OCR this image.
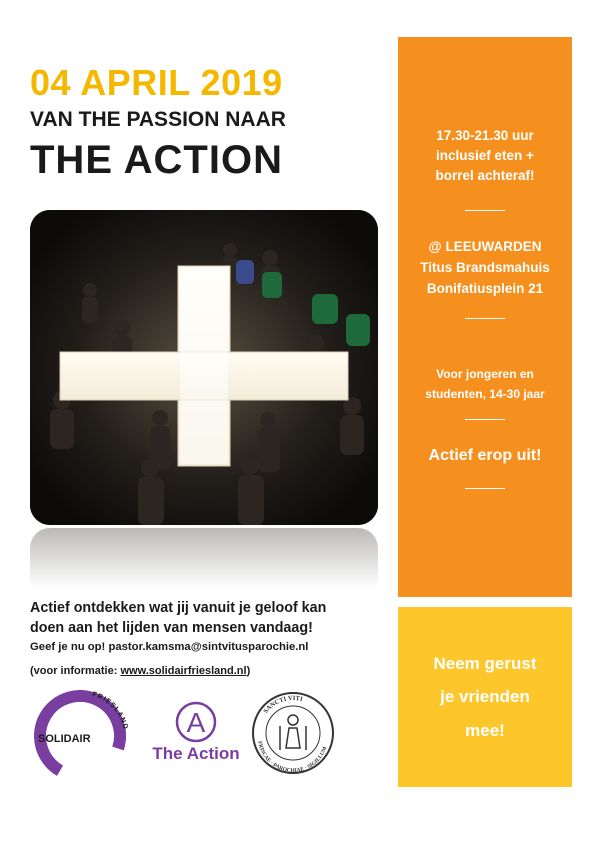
04 APRIL 2019
VAN THE PASSION NAAR
THE ACTION
17.30-21.30 uur
inclusief eten +
borrel achteraf!
@ LEEUWARDEN
Titus Brandsmahuis
Bonifatiusplein 21
Voor jongeren en
studenten, 14-30 jaar
Actief erop uit!
Neem gerust
je vrienden
mee!
Actief ontdekken wat jij vanuit je geloof kan
doen aan het lijden van mensen vandaag!
Geef je nu op! pastor.kamsma@sintvitusparochie.nl
(voor informatie: www.solidairfriesland.nl)
FRIESLAND
SOLIDAIR
A
The Action
SANCTI VITI
FRISCAE · PAROCHIAE · SIGILLUM
